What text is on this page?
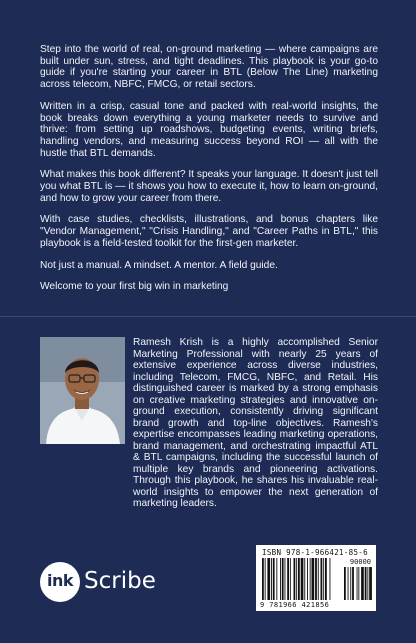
Step into the world of real, on-ground marketing — where campaigns are built under sun, stress, and tight deadlines. This playbook is your go-to guide if you're starting your career in BTL (Below The Line) marketing across telecom, NBFC, FMCG, or retail sectors.

Written in a crisp, casual tone and packed with real-world insights, the book breaks down everything a young marketer needs to survive and thrive: from setting up roadshows, budgeting events, writing briefs, handling vendors, and measuring success beyond ROI — all with the hustle that BTL demands.

What makes this book different? It speaks your language. It doesn't just tell you what BTL is — it shows you how to execute it, how to learn on-ground, and how to grow your career from there.

With case studies, checklists, illustrations, and bonus chapters like "Vendor Management," "Crisis Handling," and "Career Paths in BTL," this playbook is a field-tested toolkit for the first-gen marketer.

Not just a manual. A mindset. A mentor. A field guide.

Welcome to your first big win in marketing

Ramesh Krish is a highly accomplished Senior Marketing Professional with nearly 25 years of extensive experience across diverse industries, including Telecom, FMCG, NBFC, and Retail. His distinguished career is marked by a strong emphasis on creative marketing strategies and innovative on-ground execution, consistently driving significant brand growth and top-line objectives. Ramesh's expertise encompasses leading marketing operations, brand management, and orchestrating impactful ATL & BTL campaigns, including the successful launch of multiple key brands and pioneering activations. Through this playbook, he shares his invaluable real-world insights to empower the next generation of marketing leaders.

ISBN 978-1-966421-85-6
90000
9 781966 421856
ink Scribe
